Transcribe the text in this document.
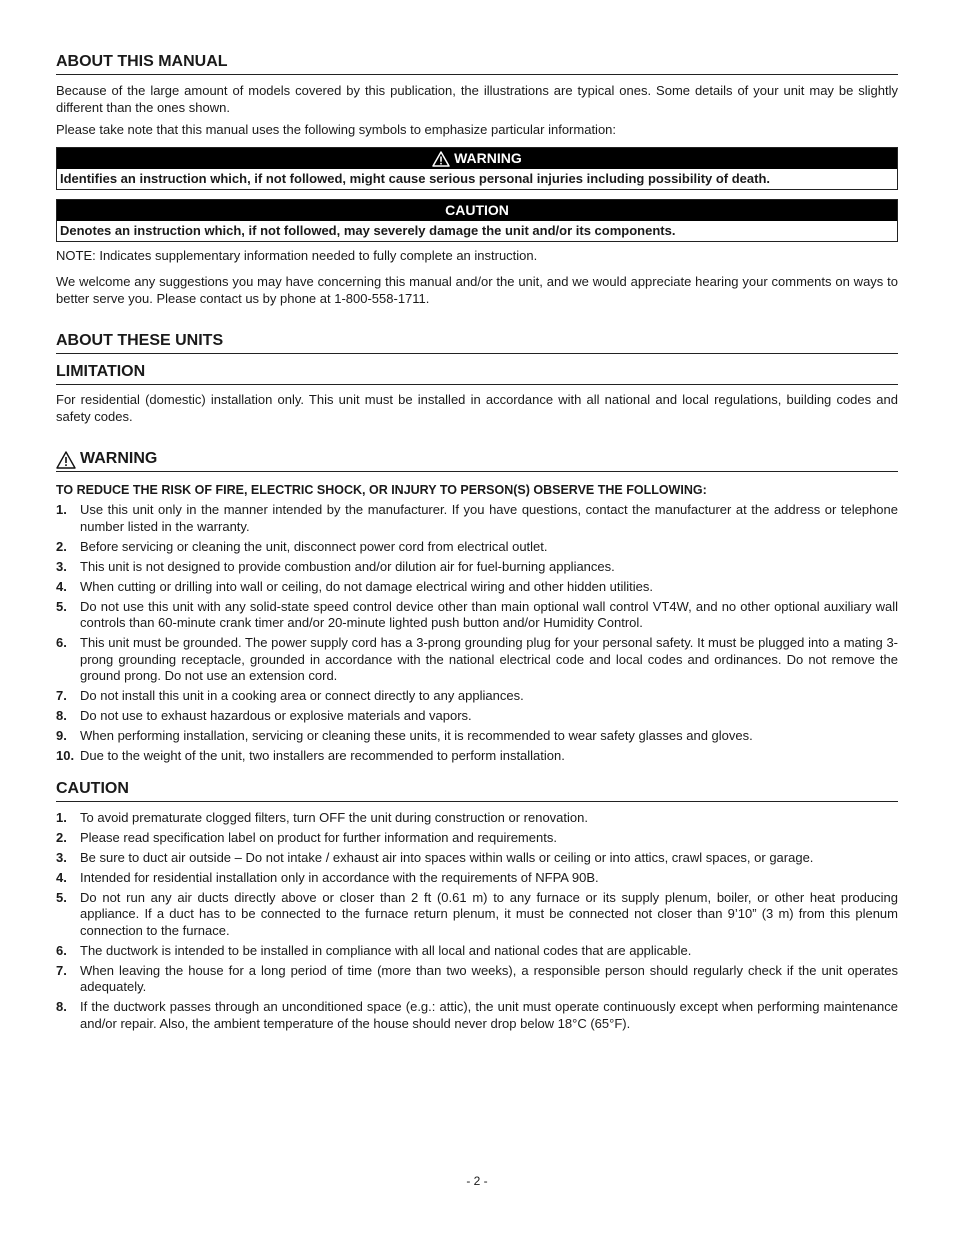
ABOUT THIS MANUAL

Because of the large amount of models covered by this publication, the illustrations are typical ones. Some details of your unit may be slightly different than the ones shown.

Please take note that this manual uses the following symbols to emphasize particular information:

WARNING
Identifies an instruction which, if not followed, might cause serious personal injuries including possibility of death.
CAUTION
Denotes an instruction which, if not followed, may severely damage the unit and/or its components.

NOTE: Indicates supplementary information needed to fully complete an instruction.

We welcome any suggestions you may have concerning this manual and/or the unit, and we would appreciate hearing your comments on ways to better serve you. Please contact us by phone at 1-800-558-1711.

ABOUT THESE UNITS
LIMITATION

For residential (domestic) installation only. This unit must be installed in accordance with all national and local regulations, building codes and safety codes.

WARNING

TO REDUCE THE RISK OF FIRE, ELECTRIC SHOCK, OR INJURY TO PERSON(S) OBSERVE THE FOLLOWING:

1.	Use this unit only in the manner intended by the manufacturer. If you have questions, contact the manufacturer at the address or telephone number listed in the warranty.
2.	Before servicing or cleaning the unit, disconnect power cord from electrical outlet.
3.	This unit is not designed to provide combustion and/or dilution air for fuel-burning appliances.
4.	When cutting or drilling into wall or ceiling, do not damage electrical wiring and other hidden utilities.
5.	Do not use this unit with any solid-state speed control device other than main optional wall control VT4W, and no other optional auxiliary wall controls than 60-minute crank timer and/or 20-minute lighted push button and/or Humidity Control.
6.	This unit must be grounded. The power supply cord has a 3-prong grounding plug for your personal safety. It must be plugged into a mating 3-prong grounding receptacle, grounded in accordance with the national electrical code and local codes and ordinances. Do not remove the ground prong. Do not use an extension cord.
7.	Do not install this unit in a cooking area or connect directly to any appliances.
8.	Do not use to exhaust hazardous or explosive materials and vapors.
9.	When performing installation, servicing or cleaning these units, it is recommended to wear safety glasses and gloves.
10. Due to the weight of the unit, two installers are recommended to perform installation.
CAUTION
1.	To avoid prematurate clogged filters, turn OFF the unit during construction or renovation.
2.	Please read specification label on product for further information and requirements.
3.	Be sure to duct air outside – Do not intake / exhaust air into spaces within walls or ceiling or into attics, crawl spaces, or garage.
4.	Intended for residential installation only in accordance with the requirements of NFPA 90B.
5.	Do not run any air ducts directly above or closer than 2 ft (0.61 m) to any furnace or its supply plenum, boiler, or other heat producing appliance. If a duct has to be connected to the furnace return plenum, it must be connected not closer than 9’10” (3 m) from this plenum connection to the furnace.
6.	The ductwork is intended to be installed in compliance with all local and national codes that are applicable.
7.	When leaving the house for a long period of time (more than two weeks), a responsible person should regularly check if the unit operates adequately.
8.	If the ductwork passes through an unconditioned space (e.g.: attic), the unit must operate continuously except when performing maintenance and/or repair. Also, the ambient temperature of the house should never drop below 18°C (65°F).
- 2 -
